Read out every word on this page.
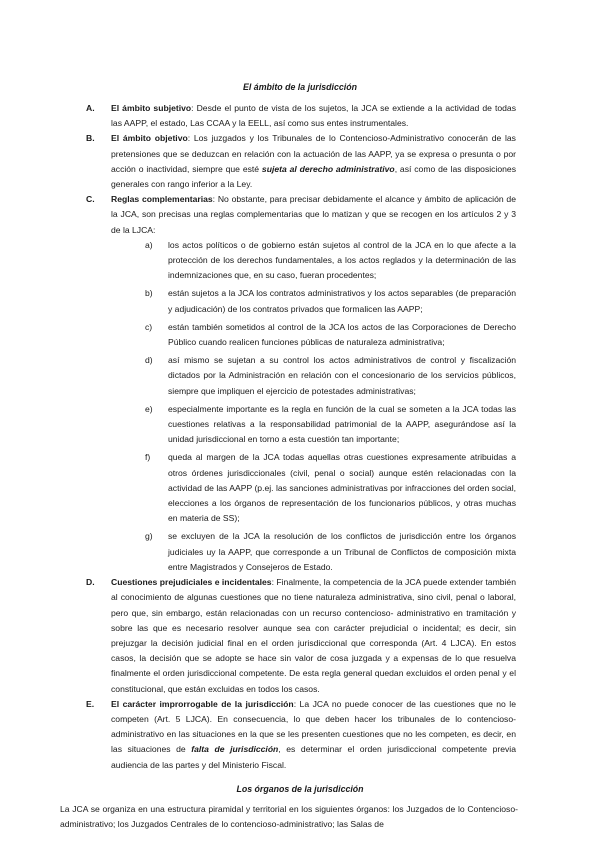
El ámbito de la jurisdicción
A. El ámbito subjetivo: Desde el punto de vista de los sujetos, la JCA se extiende a la actividad de todas las AAPP, el estado, Las CCAA y la EELL, así como sus entes instrumentales.
B. El ámbito objetivo: Los juzgados y los Tribunales de lo Contencioso-Administrativo conocerán de las pretensiones que se deduzcan en relación con la actuación de las AAPP, ya se expresa o presunta o por acción o inactividad, siempre que esté sujeta al derecho administrativo, así como de las disposiciones generales con rango inferior a la Ley.
C. Reglas complementarias: No obstante, para precisar debidamente el alcance y ámbito de aplicación de la JCA, son precisas una reglas complementarias que lo matizan y que se recogen en los artículos 2 y 3 de la LJCA:
a) los actos políticos o de gobierno están sujetos al control de la JCA en lo que afecte a la protección de los derechos fundamentales, a los actos reglados y la determinación de las indemnizaciones que, en su caso, fueran procedentes;
b) están sujetos a la JCA los contratos administrativos y los actos separables (de preparación y adjudicación) de los contratos privados que formalicen las AAPP;
c) están también sometidos al control de la JCA los actos de las Corporaciones de Derecho Público cuando realicen funciones públicas de naturaleza administrativa;
d) así mismo se sujetan a su control los actos administrativos de control y fiscalización dictados por la Administración en relación con el concesionario de los servicios públicos, siempre que impliquen el ejercicio de potestades administrativas;
e) especialmente importante es la regla en función de la cual se someten a la JCA todas las cuestiones relativas a la responsabilidad patrimonial de la AAPP, asegurándose así la unidad jurisdiccional en torno a esta cuestión tan importante;
f) queda al margen de la JCA todas aquellas otras cuestiones expresamente atribuidas a otros órdenes jurisdiccionales (civil, penal o social) aunque estén relacionadas con la actividad de las AAPP (p.ej. las sanciones administrativas por infracciones del orden social, elecciones a los órganos de representación de los funcionarios públicos, y otras muchas en materia de SS);
g) se excluyen de la JCA la resolución de los conflictos de jurisdicción entre los órganos judiciales uy la AAPP, que corresponde a un Tribunal de Conflictos de composición mixta entre Magistrados y Consejeros de Estado.
D. Cuestiones prejudiciales e incidentales: Finalmente, la competencia de la JCA puede extender también al conocimiento de algunas cuestiones que no tiene naturaleza administrativa, sino civil, penal o laboral, pero que, sin embargo, están relacionadas con un recurso contencioso- administrativo en tramitación y sobre las que es necesario resolver aunque sea con carácter prejudicial o incidental; es decir, sin prejuzgar la decisión judicial final en el orden jurisdiccional que corresponda (Art. 4 LJCA). En estos casos, la decisión que se adopte se hace sin valor de cosa juzgada y a expensas de lo que resuelva finalmente el orden jurisdiccional competente. De esta regla general quedan excluidos el orden penal y el constitucional, que están excluidas en todos los casos.
E. El carácter improrrogable de la jurisdicción: La JCA no puede conocer de las cuestiones que no le competen (Art. 5 LJCA). En consecuencia, lo que deben hacer los tribunales de lo contencioso- administrativo en las situaciones en la que se les presenten cuestiones que no les competen, es decir, en las situaciones de falta de jurisdicción, es determinar el orden jurisdiccional competente previa audiencia de las partes y del Ministerio Fiscal.
Los órganos de la jurisdicción
La JCA se organiza en una estructura piramidal y territorial en los siguientes órganos: los Juzgados de lo Contencioso-administrativo; los Juzgados Centrales de lo contencioso-administrativo; las Salas de
